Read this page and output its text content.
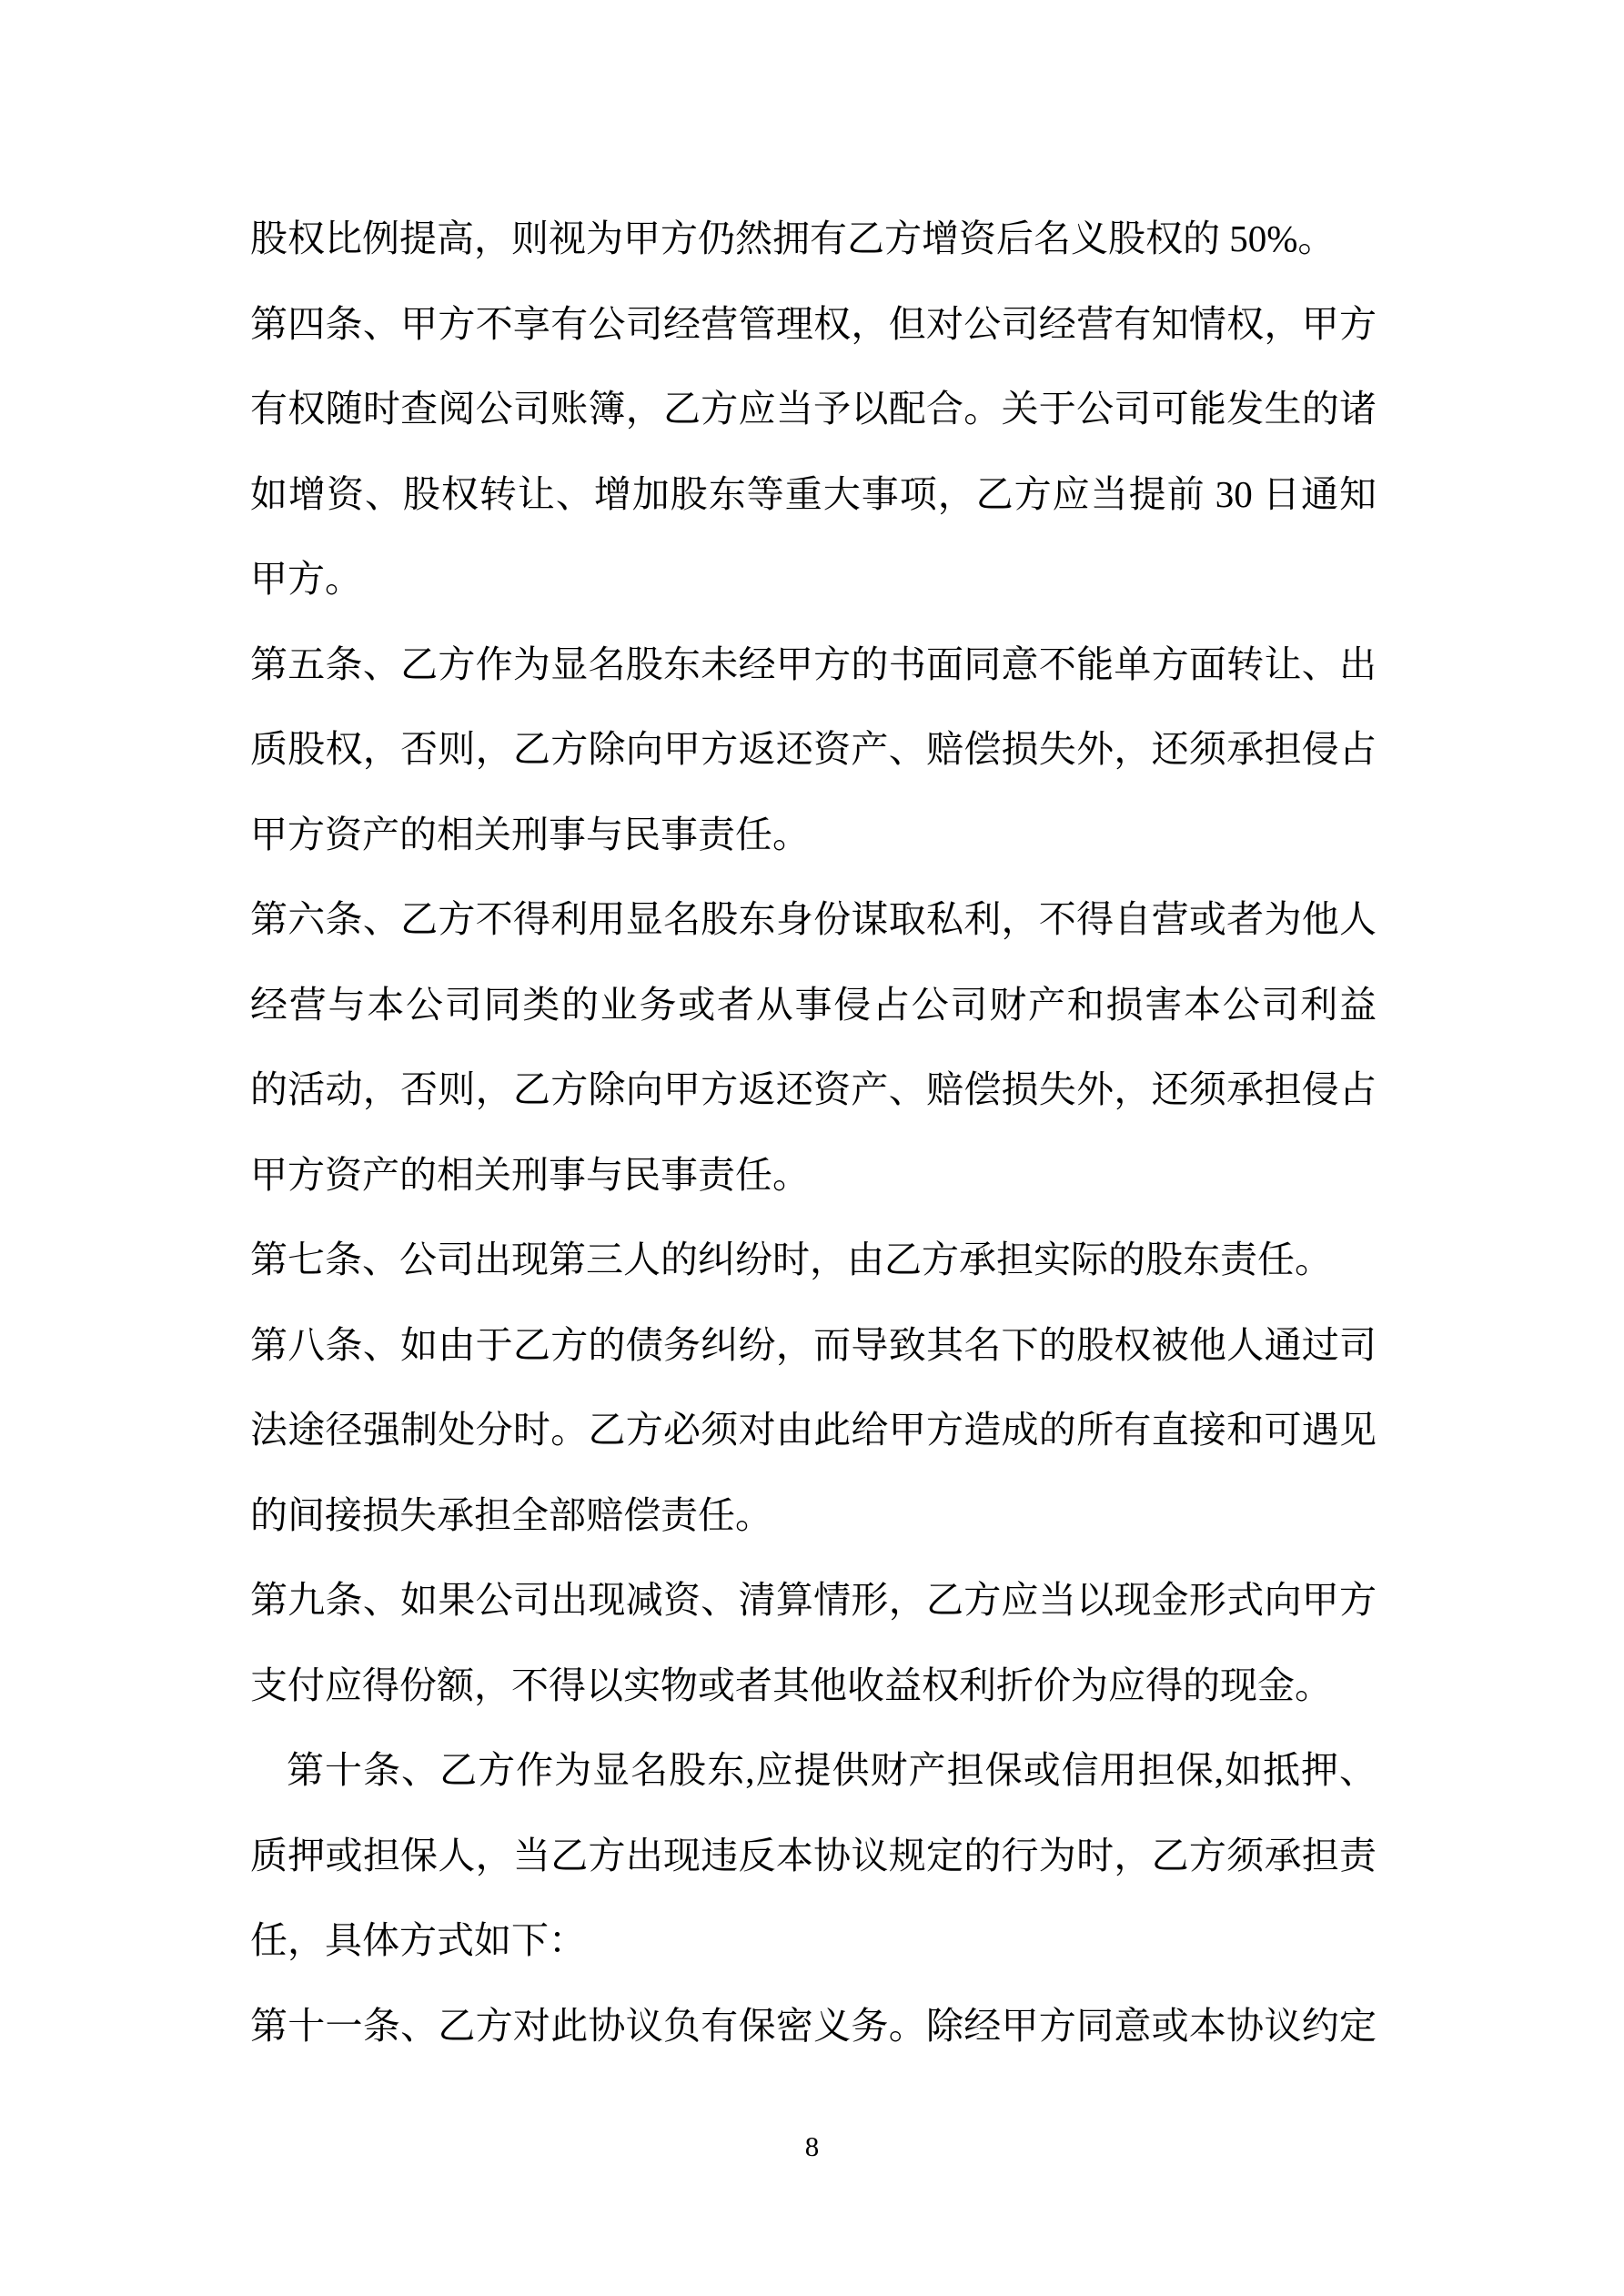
股权比例提高，则视为甲方仍然拥有乙方增资后名义股权的 50%。
第四条、甲方不享有公司经营管理权，但对公司经营有知情权，甲方
有权随时查阅公司账簿，乙方应当予以配合。关于公司可能发生的诸
如增资、股权转让、增加股东等重大事项，乙方应当提前 30 日通知
甲方。
第五条、乙方作为显名股东未经甲方的书面同意不能单方面转让、出
质股权，否则，乙方除向甲方返还资产、赔偿损失外，还须承担侵占
甲方资产的相关刑事与民事责任。
第六条、乙方不得利用显名股东身份谋取私利，不得自营或者为他人
经营与本公司同类的业务或者从事侵占公司财产和损害本公司利益
的活动，否则，乙方除向甲方返还资产、赔偿损失外，还须承担侵占
甲方资产的相关刑事与民事责任。
第七条、公司出现第三人的纠纷时，由乙方承担实际的股东责任。
第八条、如由于乙方的债务纠纷，而导致其名下的股权被他人通过司
法途径强制处分时。乙方必须对由此给甲方造成的所有直接和可遇见
的间接损失承担全部赔偿责任。
第九条、如果公司出现减资、清算情形，乙方应当以现金形式向甲方
支付应得份额，不得以实物或者其他收益权利折价为应得的现金。
第十条、乙方作为显名股东,应提供财产担保或信用担保,如抵押、
质押或担保人，当乙方出现违反本协议规定的行为时，乙方须承担责
任，具体方式如下：
第十一条、乙方对此协议负有保密义务。除经甲方同意或本协议约定
8
